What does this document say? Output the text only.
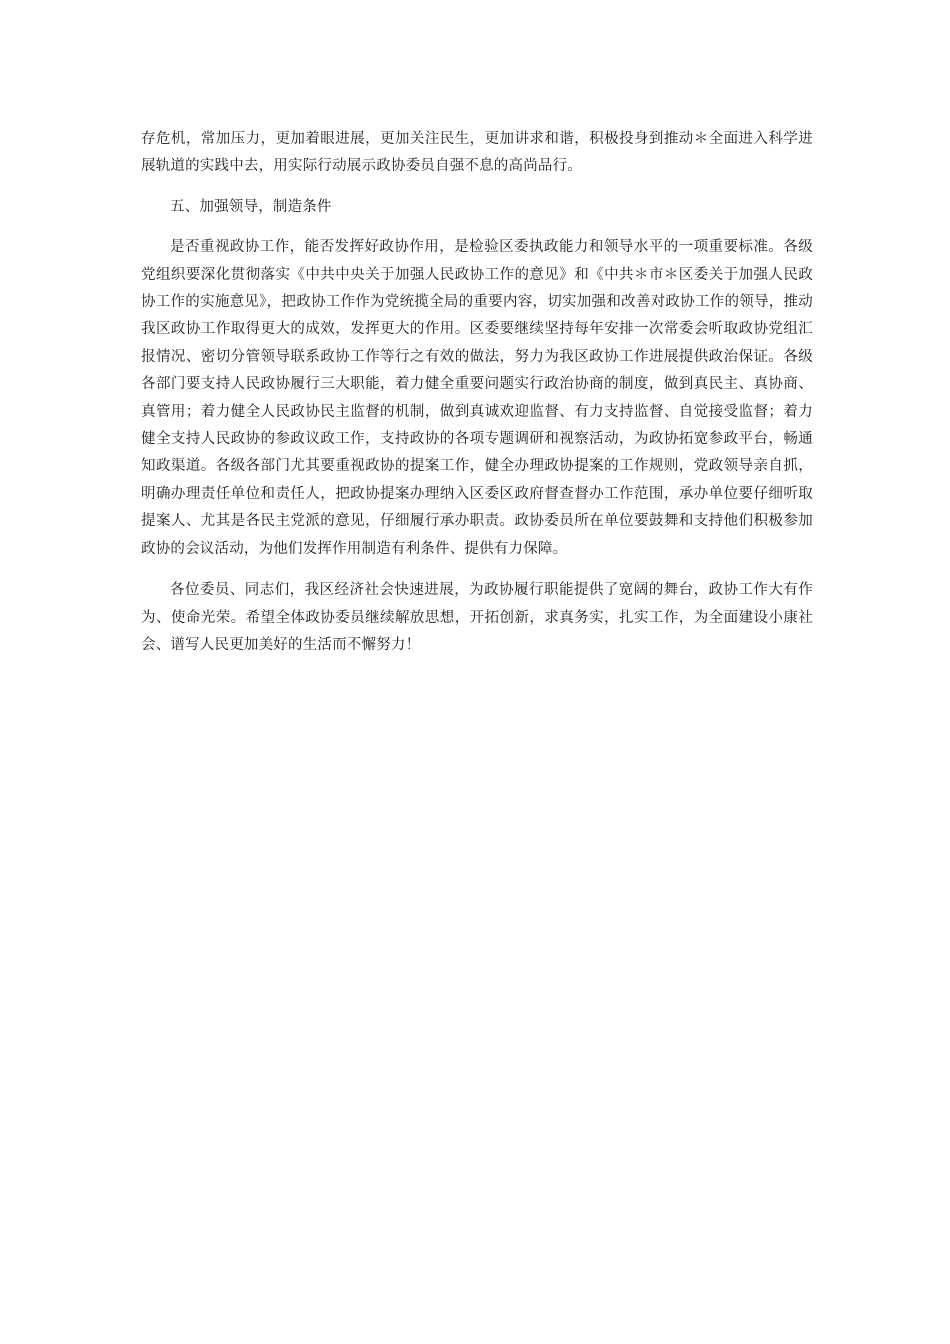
存危机，常加压力，更加着眼进展，更加关注民生，更加讲求和谐，积极投身到推动＊全面进入科学进展轨道的实践中去，用实际行动展示政协委员自强不息的高尚品行。

五、加强领导，制造条件

是否重视政协工作，能否发挥好政协作用，是检验区委执政能力和领导水平的一项重要标准。各级党组织要深化贯彻落实《中共中央关于加强人民政协工作的意见》和《中共＊市＊区委关于加强人民政协工作的实施意见》，把政协工作作为党统揽全局的重要内容，切实加强和改善对政协工作的领导，推动我区政协工作取得更大的成效，发挥更大的作用。区委要继续坚持每年安排一次常委会听取政协党组汇报情况、密切分管领导联系政协工作等行之有效的做法，努力为我区政协工作进展提供政治保证。各级各部门要支持人民政协履行三大职能，着力健全重要问题实行政治协商的制度，做到真民主、真协商、真管用；着力健全人民政协民主监督的机制，做到真诚欢迎监督、有力支持监督、自觉接受监督；着力健全支持人民政协的参政议政工作，支持政协的各项专题调研和视察活动，为政协拓宽参政平台，畅通知政渠道。各级各部门尤其要重视政协的提案工作，健全办理政协提案的工作规则，党政领导亲自抓，明确办理责任单位和责任人，把政协提案办理纳入区委区政府督查督办工作范围，承办单位要仔细听取提案人、尤其是各民主党派的意见，仔细履行承办职责。政协委员所在单位要鼓舞和支持他们积极参加政协的会议活动，为他们发挥作用制造有利条件、提供有力保障。

各位委员、同志们，我区经济社会快速进展，为政协履行职能提供了宽阔的舞台，政协工作大有作为、使命光荣。希望全体政协委员继续解放思想，开拓创新，求真务实，扎实工作，为全面建设小康社会、谱写人民更加美好的生活而不懈努力！
